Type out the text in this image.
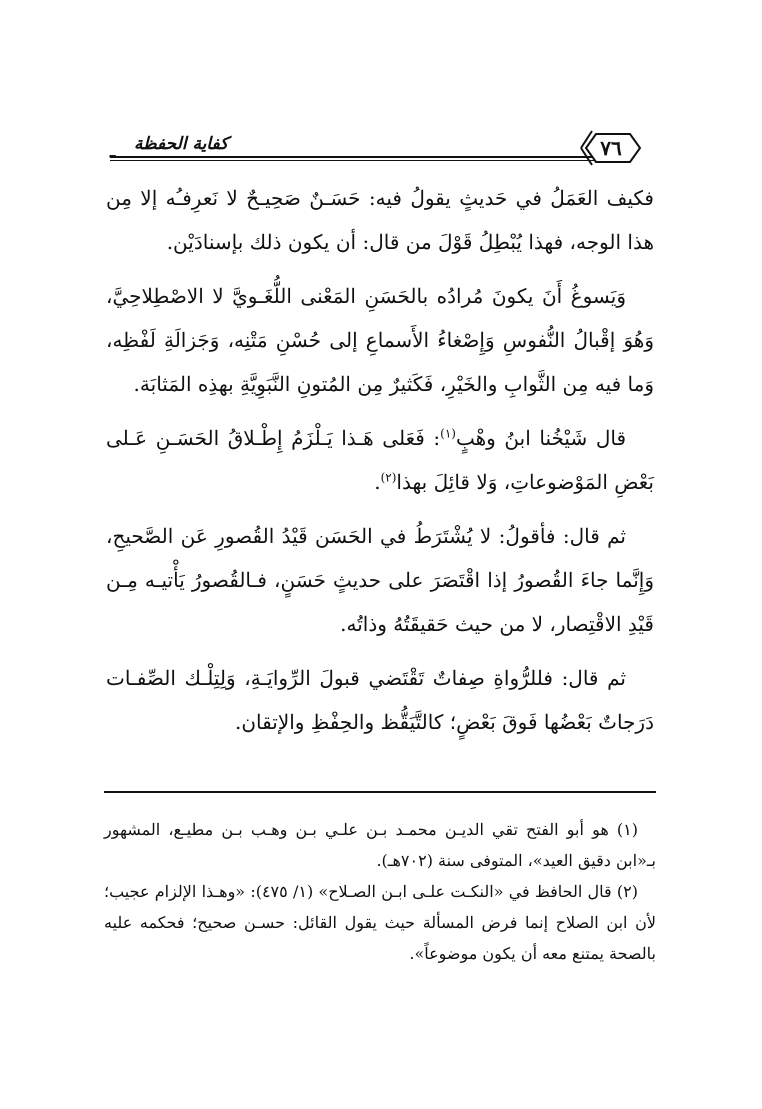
ـ	كفاية الحفظة	٧٦

فكيف العَمَلُ في حَديثٍ يقولُ فيه: حَسَـنٌ صَحِيـحٌ لا نَعرِفـُه إلا مِن هذا الوجه، فهذا يُبْطِلُ قَوْلَ من قال: أن يكون ذلك بإسنادَيْن.

وَيَسوغُ أَنَ يكونَ مُرادُه بالحَسَنِ المَعْنى اللُّغَـويَّ لا الاصْطِلاحِيَّ، وَهُوَ إقْبالُ النُّفوسِ وَإِصْغاءُ الأَسماعِ إلى حُسْنِ مَتْنِه، وَجَزالَةِ لَفْظِه، وَما فيه مِن الثَّوابِ والخَيْرِ، فَكَثيرٌ مِن المُتونِ النَّبَوِيَّةِ بهذِه المَثابَة.

قال شَيْخُنا ابنُ وهْبٍ$^{(١)}$: فَعَلى هَـذا يَـلْزَمُ إِطْـلاقُ الحَسَـنِ عَـلى بَعْضِ المَوْضوعاتِ، وَلا قائِلَ بهذا$^{(٢)}$.

ثم قال: فأقولُ: لا يُشْتَرَطُ في الحَسَن قَيْدُ القُصورِ عَن الصَّحيحِ، وَإِنَّما جاءَ القُصورُ إذا اقْتَصَرَ على حديثٍ حَسَنٍ، فـالقُصورُ يَأْتيـه مِـن قَيْدِ الاقْتِصار، لا من حيث حَقيقَتُهُ وذاتُه.

ثم قال: فللرُّواةِ صِفاتٌ تَقْتَضي قبولَ الرِّوايَـةِ، وَلِتِلْـك الصِّفـات دَرَجاتٌ بَعْضُها فَوقَ بَعْضٍ؛ كالتَّيَقُّظ والحِفْظِ والإتقان.

(١) هو أبو الفتح تقي الديـن محمـد بـن علـي بـن وهـب بـن مطيـع، المشهور بـ«ابن دقيق العيد»، المتوفى سنة (٧٠٢هـ).

(٢) قال الحافظ في «النكـت علـى ابـن الصـلاح» (١/ ٤٧٥): «وهـذا الإلزام عجيب؛ لأن ابن الصلاح إنما فرض المسألة حيث يقول القائل: حسـن صحيح؛ فحكمه عليه بالصحة يمتنع معه أن يكون موضوعاً».
